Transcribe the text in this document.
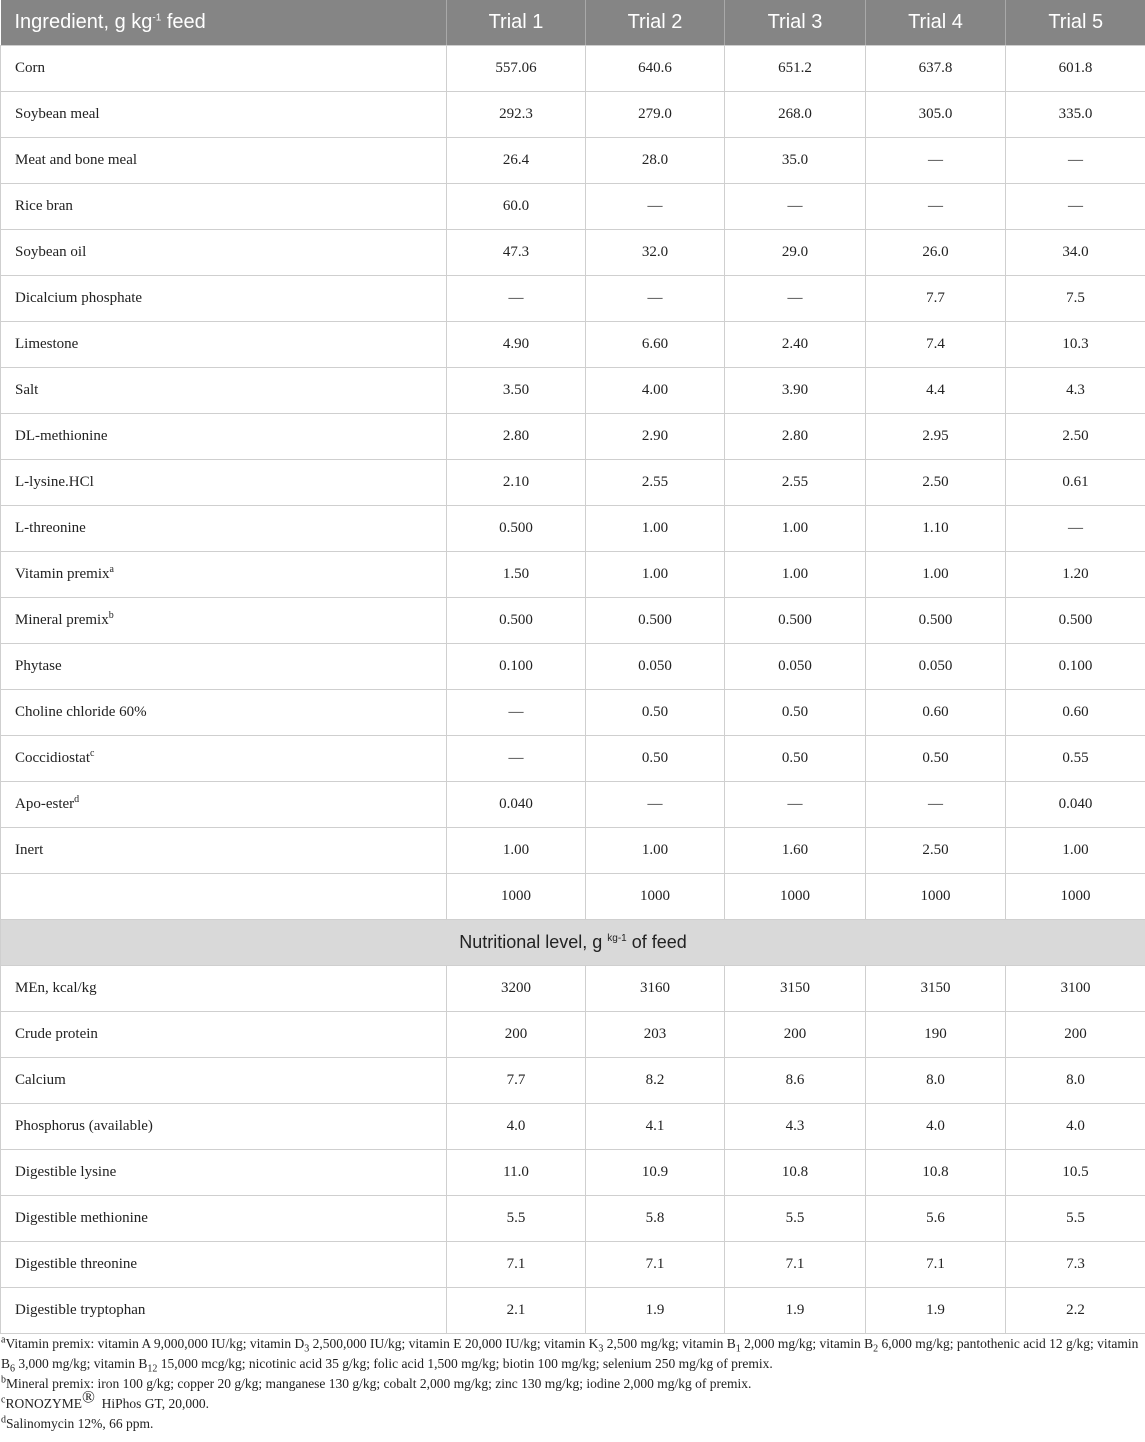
Ingredient, g $kg^{-1}$ feed	Trial 1	Trial 2	Trial 3	Trial 4	Trial 5
Corn	557.06	640.6	651.2	637.8	601.8
Soybean meal	292.3	279.0	268.0	305.0	335.0
Meat and bone meal	26.4	28.0	35.0	—	—
Rice bran	60.0	—	—	—	—
Soybean oil	47.3	32.0	29.0	26.0	34.0
Dicalcium phosphate	—	—	—	7.7	7.5
Limestone	4.90	6.60	2.40	7.4	10.3
Salt	3.50	4.00	3.90	4.4	4.3
DL-methionine	2.80	2.90	2.80	2.95	2.50
L-lysine.HCl	2.10	2.55	2.55	2.50	0.61
L-threonine	0.500	1.00	1.00	1.10	—
Vitamin premix$^a$	1.50	1.00	1.00	1.00	1.20
Mineral premix$^b$	0.500	0.500	0.500	0.500	0.500
Phytase	0.100	0.050	0.050	0.050	0.100
Choline chloride 60%	—	0.50	0.50	0.60	0.60
Coccidiostat$^c$	—	0.50	0.50	0.50	0.55
Apo-ester$^d$	0.040	—	—	—	0.040
Inert	1.00	1.00	1.60	2.50	1.00
	1000	1000	1000	1000	1000
Nutritional level, g $^{kg-1}$ of feed					
MEn, kcal/kg	3200	3160	3150	3150	3100
Crude protein	200	203	200	190	200
Calcium	7.7	8.2	8.6	8.0	8.0
Phosphorus (available)	4.0	4.1	4.3	4.0	4.0
Digestible lysine	11.0	10.9	10.8	10.8	10.5
Digestible methionine	5.5	5.8	5.5	5.6	5.5
Digestible threonine	7.1	7.1	7.1	7.1	7.3
Digestible tryptophan	2.1	1.9	1.9	1.9	2.2

$^a$Vitamin premix: vitamin A 9,000,000 IU/kg; vitamin $D_3$ 2,500,000 IU/kg; vitamin E 20,000 IU/kg; vitamin $K_3$ 2,500 mg/kg; vitamin $B_1$ 2,000 mg/kg; vitamin $B_2$ 6,000 mg/kg; pantothenic acid 12 g/kg; vitamin $B_6$ 3,000 mg/kg; vitamin $B_{12}$ 15,000 mcg/kg; nicotinic acid 35 g/kg; folic acid 1,500 mg/kg; biotin 100 mg/kg; selenium 250 mg/kg of premix.

$^b$Mineral premix: iron 100 g/kg; copper 20 g/kg; manganese 130 g/kg; cobalt 2,000 mg/kg; zinc 130 mg/kg; iodine 2,000 mg/kg of premix.

$^c$RONOZYME®  HiPhos GT, 20,000.

$^d$Salinomycin 12%, 66 ppm.
